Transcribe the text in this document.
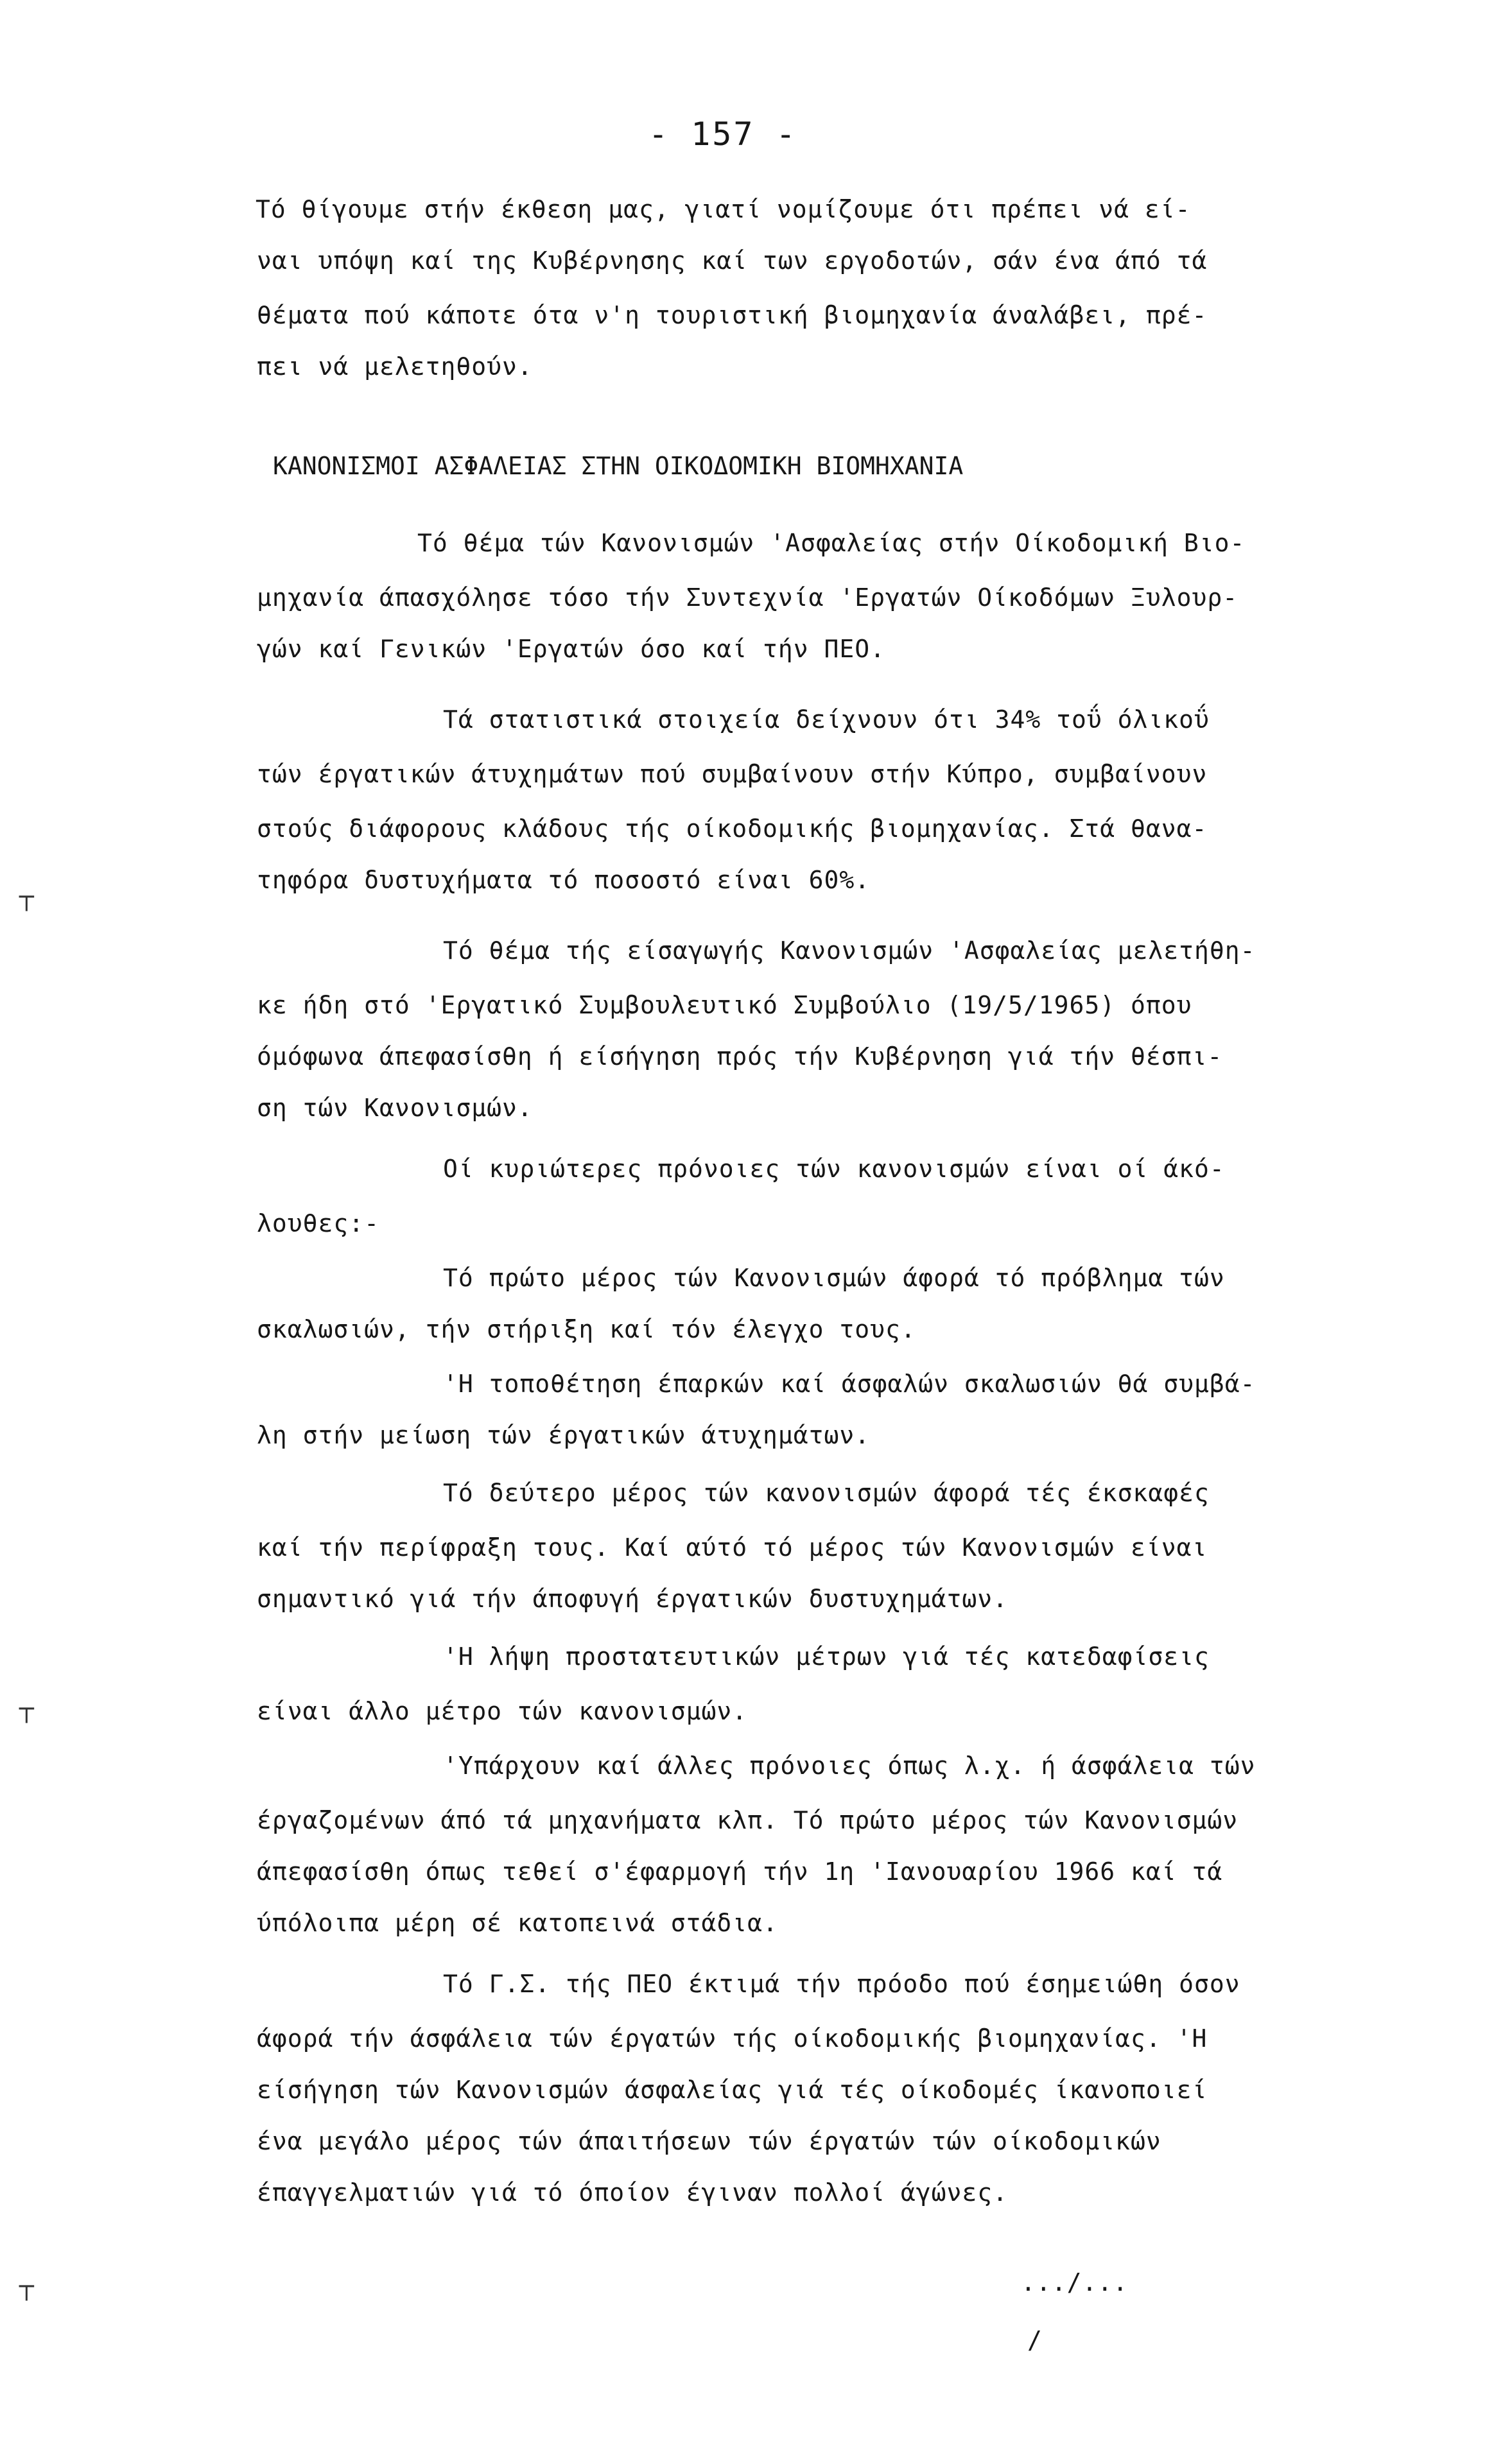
- 157 -
Τό θίγουμε στήν έκθεση μας, γιατί νομίζουμε ότι πρέπει νά εί-
ναι υπόψη καί της Κυβέρνησης καί των εργοδοτών, σάν ένα άπό τά
θέματα πού κάποτε ότα ν'η τουριστική βιομηχανία άναλάβει, πρέ-
πει νά μελετηθούν.
ΚΑΝΟΝΙΣΜΟΙ ΑΣΦΑΛΕΙΑΣ ΣΤΗΝ ΟΙΚΟΔΟΜΙΚΗ ΒΙΟΜΗΧΑΝΙΑ
Τό θέμα τών Κανονισμών 'Ασφαλείας στήν Οίκοδομική Βιο-
μηχανία άπασχόλησε τόσο τήν Συντεχνία 'Εργατών Οίκοδόμων Ξυλουρ-
γών καί Γενικών 'Εργατών όσο καί τήν ΠΕΟ.
Τά στατιστικά στοιχεία δείχνουν ότι 34% τοΰ όλικοΰ
τών έργατικών άτυχημάτων πού συμβαίνουν στήν Κύπρο, συμβαίνουν
στούς διάφορους κλάδους τής οίκοδομικής βιομηχανίας. Στά θανα-
τηφόρα δυστυχήματα τό ποσοστό είναι 60%.
Τό θέμα τής είσαγωγής Κανονισμών 'Ασφαλείας μελετήθη-
κε ήδη στό 'Εργατικό Συμβουλευτικό Συμβούλιο (19/5/1965) όπου
όμόφωνα άπεφασίσθη ή είσήγηση πρός τήν Κυβέρνηση γιά τήν θέσπι-
ση τών Κανονισμών.
Οί κυριώτερες πρόνοιες τών κανονισμών είναι οί άκό-
λουθες:-
Τό πρώτο μέρος τών Κανονισμών άφορά τό πρόβλημα τών
σκαλωσιών, τήν στήριξη καί τόν έλεγχο τους.
'Η τοποθέτηση έπαρκών καί άσφαλών σκαλωσιών θά συμβά-
λη στήν μείωση τών έργατικών άτυχημάτων.
Τό δεύτερο μέρος τών κανονισμών άφορά τές έκσκαφές
καί τήν περίφραξη τους. Καί αύτό τό μέρος τών Κανονισμών είναι
σημαντικό γιά τήν άποφυγή έργατικών δυστυχημάτων.
'Η λήψη προστατευτικών μέτρων γιά τές κατεδαφίσεις
είναι άλλο μέτρο τών κανονισμών.
'Υπάρχουν καί άλλες πρόνοιες όπως λ.χ. ή άσφάλεια τών
έργαζομένων άπό τά μηχανήματα κλπ. Τό πρώτο μέρος τών Κανονισμών
άπεφασίσθη όπως τεθεί σ'έφαρμογή τήν 1η 'Ιανουαρίου 1966 καί τά
ύπόλοιπα μέρη σέ κατοπεινά στάδια.
Τό Γ.Σ. τής ΠΕΟ έκτιμά τήν πρόοδο πού έσημειώθη όσον
άφορά τήν άσφάλεια τών έργατών τής οίκοδομικής βιομηχανίας. 'Η
είσήγηση τών Κανονισμών άσφαλείας γιά τές οίκοδομές ίκανοποιεί
ένα μεγάλο μέρος τών άπαιτήσεων τών έργατών τών οίκοδομικών
έπαγγελματιών γιά τό όποίον έγιναν πολλοί άγώνες.
.../...
/
┬
┬
┬
